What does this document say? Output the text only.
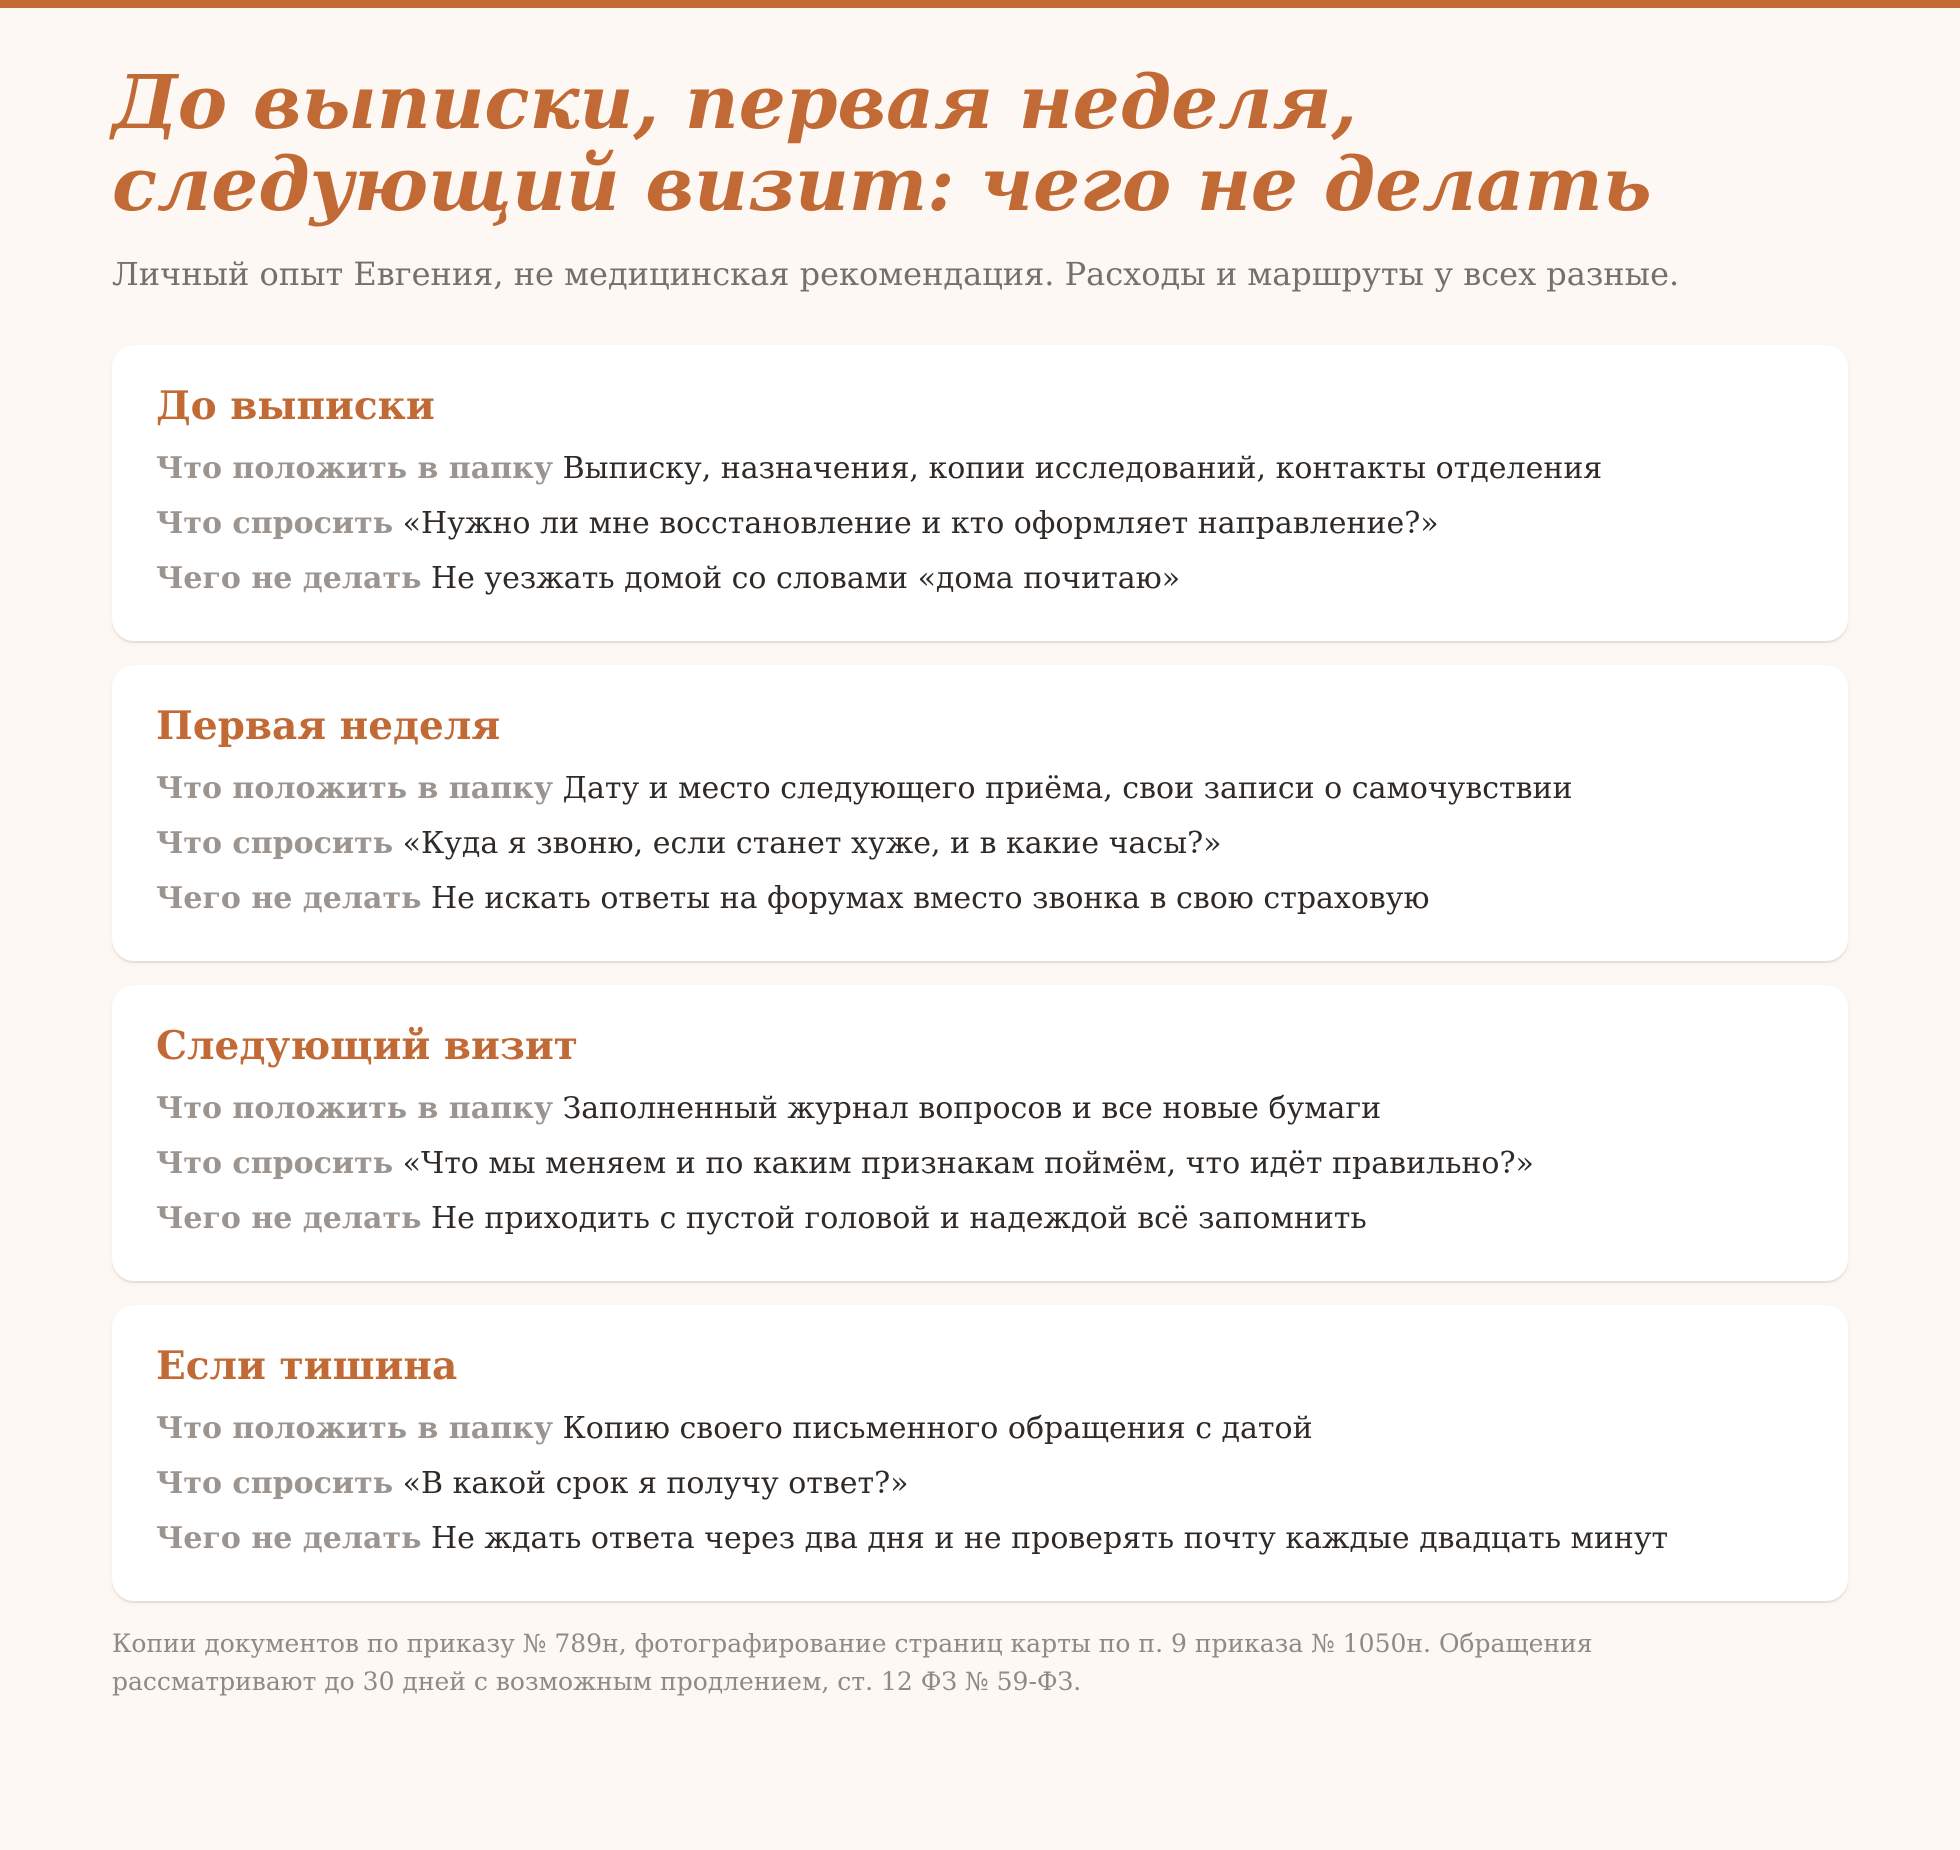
До выписки, первая неделя, следующий визит: чего не делать

Личный опыт Евгения, не медицинская рекомендация. Расходы и маршруты у всех разные.

До выписки
Что положить в папку Выписку, назначения, копии исследований, контакты отделения
Что спросить «Нужно ли мне восстановление и кто оформляет направление?»
Чего не делать Не уезжать домой со словами «дома почитаю»
Первая неделя
Что положить в папку Дату и место следующего приёма, свои записи о самочувствии
Что спросить «Куда я звоню, если станет хуже, и в какие часы?»
Чего не делать Не искать ответы на форумах вместо звонка в свою страховую
Следующий визит
Что положить в папку Заполненный журнал вопросов и все новые бумаги
Что спросить «Что мы меняем и по каким признакам поймём, что идёт правильно?»
Чего не делать Не приходить с пустой головой и надеждой всё запомнить
Если тишина
Что положить в папку Копию своего письменного обращения с датой
Что спросить «В какой срок я получу ответ?»
Чего не делать Не ждать ответа через два дня и не проверять почту каждые двадцать минут
Копии документов по приказу № 789н, фотографирование страниц карты по п. 9 приказа № 1050н. Обращения рассматривают до 30 дней с возможным продлением, ст. 12 ФЗ № 59-ФЗ.
